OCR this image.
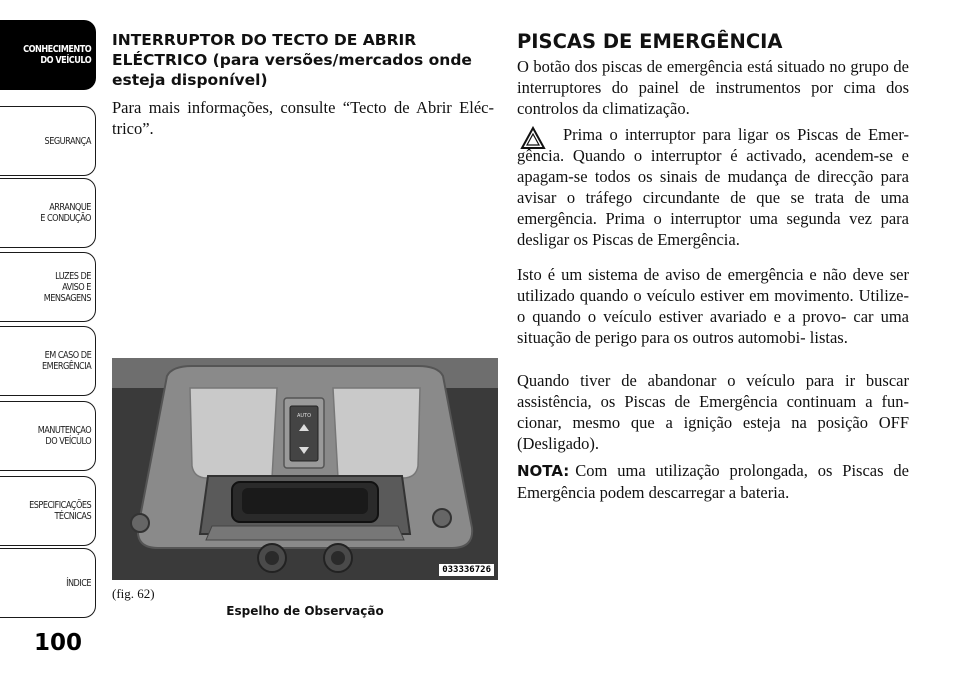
CONHECIMENTO
DO VEÍCULO
SEGURANÇA
ARRANQUE
E CONDUÇÃO
LUZES DE
AVISO E
MENSAGENS
EM CASO DE
EMERGÊNCIA
MANUTENÇÃO
DO VEÍCULO
ESPECIFICAÇÕES
TÉCNICAS
ÍNDICE
100
INTERRUPTOR DO TECTO DE ABRIR ELÉCTRICO (para versões/mercados onde esteja disponível)
Para mais informações, consulte “Tecto de Abrir Eléc- trico”.
AUTO
033336726
(fig. 62)
Espelho de Observação
PISCAS DE EMERGÊNCIA
O botão dos piscas de emergência está situado no grupo de interruptores do painel de instrumentos por cima dos controlos da climatização.
Prima o interruptor para ligar os Piscas de Emer- gência. Quando o interruptor é activado, acendem-se e apagam-se todos os sinais de mudança de direcção para avisar o tráfego circundante de que se trata de uma emergência. Prima o interruptor uma segunda vez para desligar os Piscas de Emergência.
Isto é um sistema de aviso de emergência e não deve ser utilizado quando o veículo estiver em movimento. Utilize-o quando o veículo estiver avariado e a provo- car uma situação de perigo para os outros automobi- listas.
Quando tiver de abandonar o veículo para ir buscar assistência, os Piscas de Emergência continuam a fun- cionar, mesmo que a ignição esteja na posição OFF (Desligado).
NOTA: Com uma utilização prolongada, os Piscas de Emergência podem descarregar a bateria.
